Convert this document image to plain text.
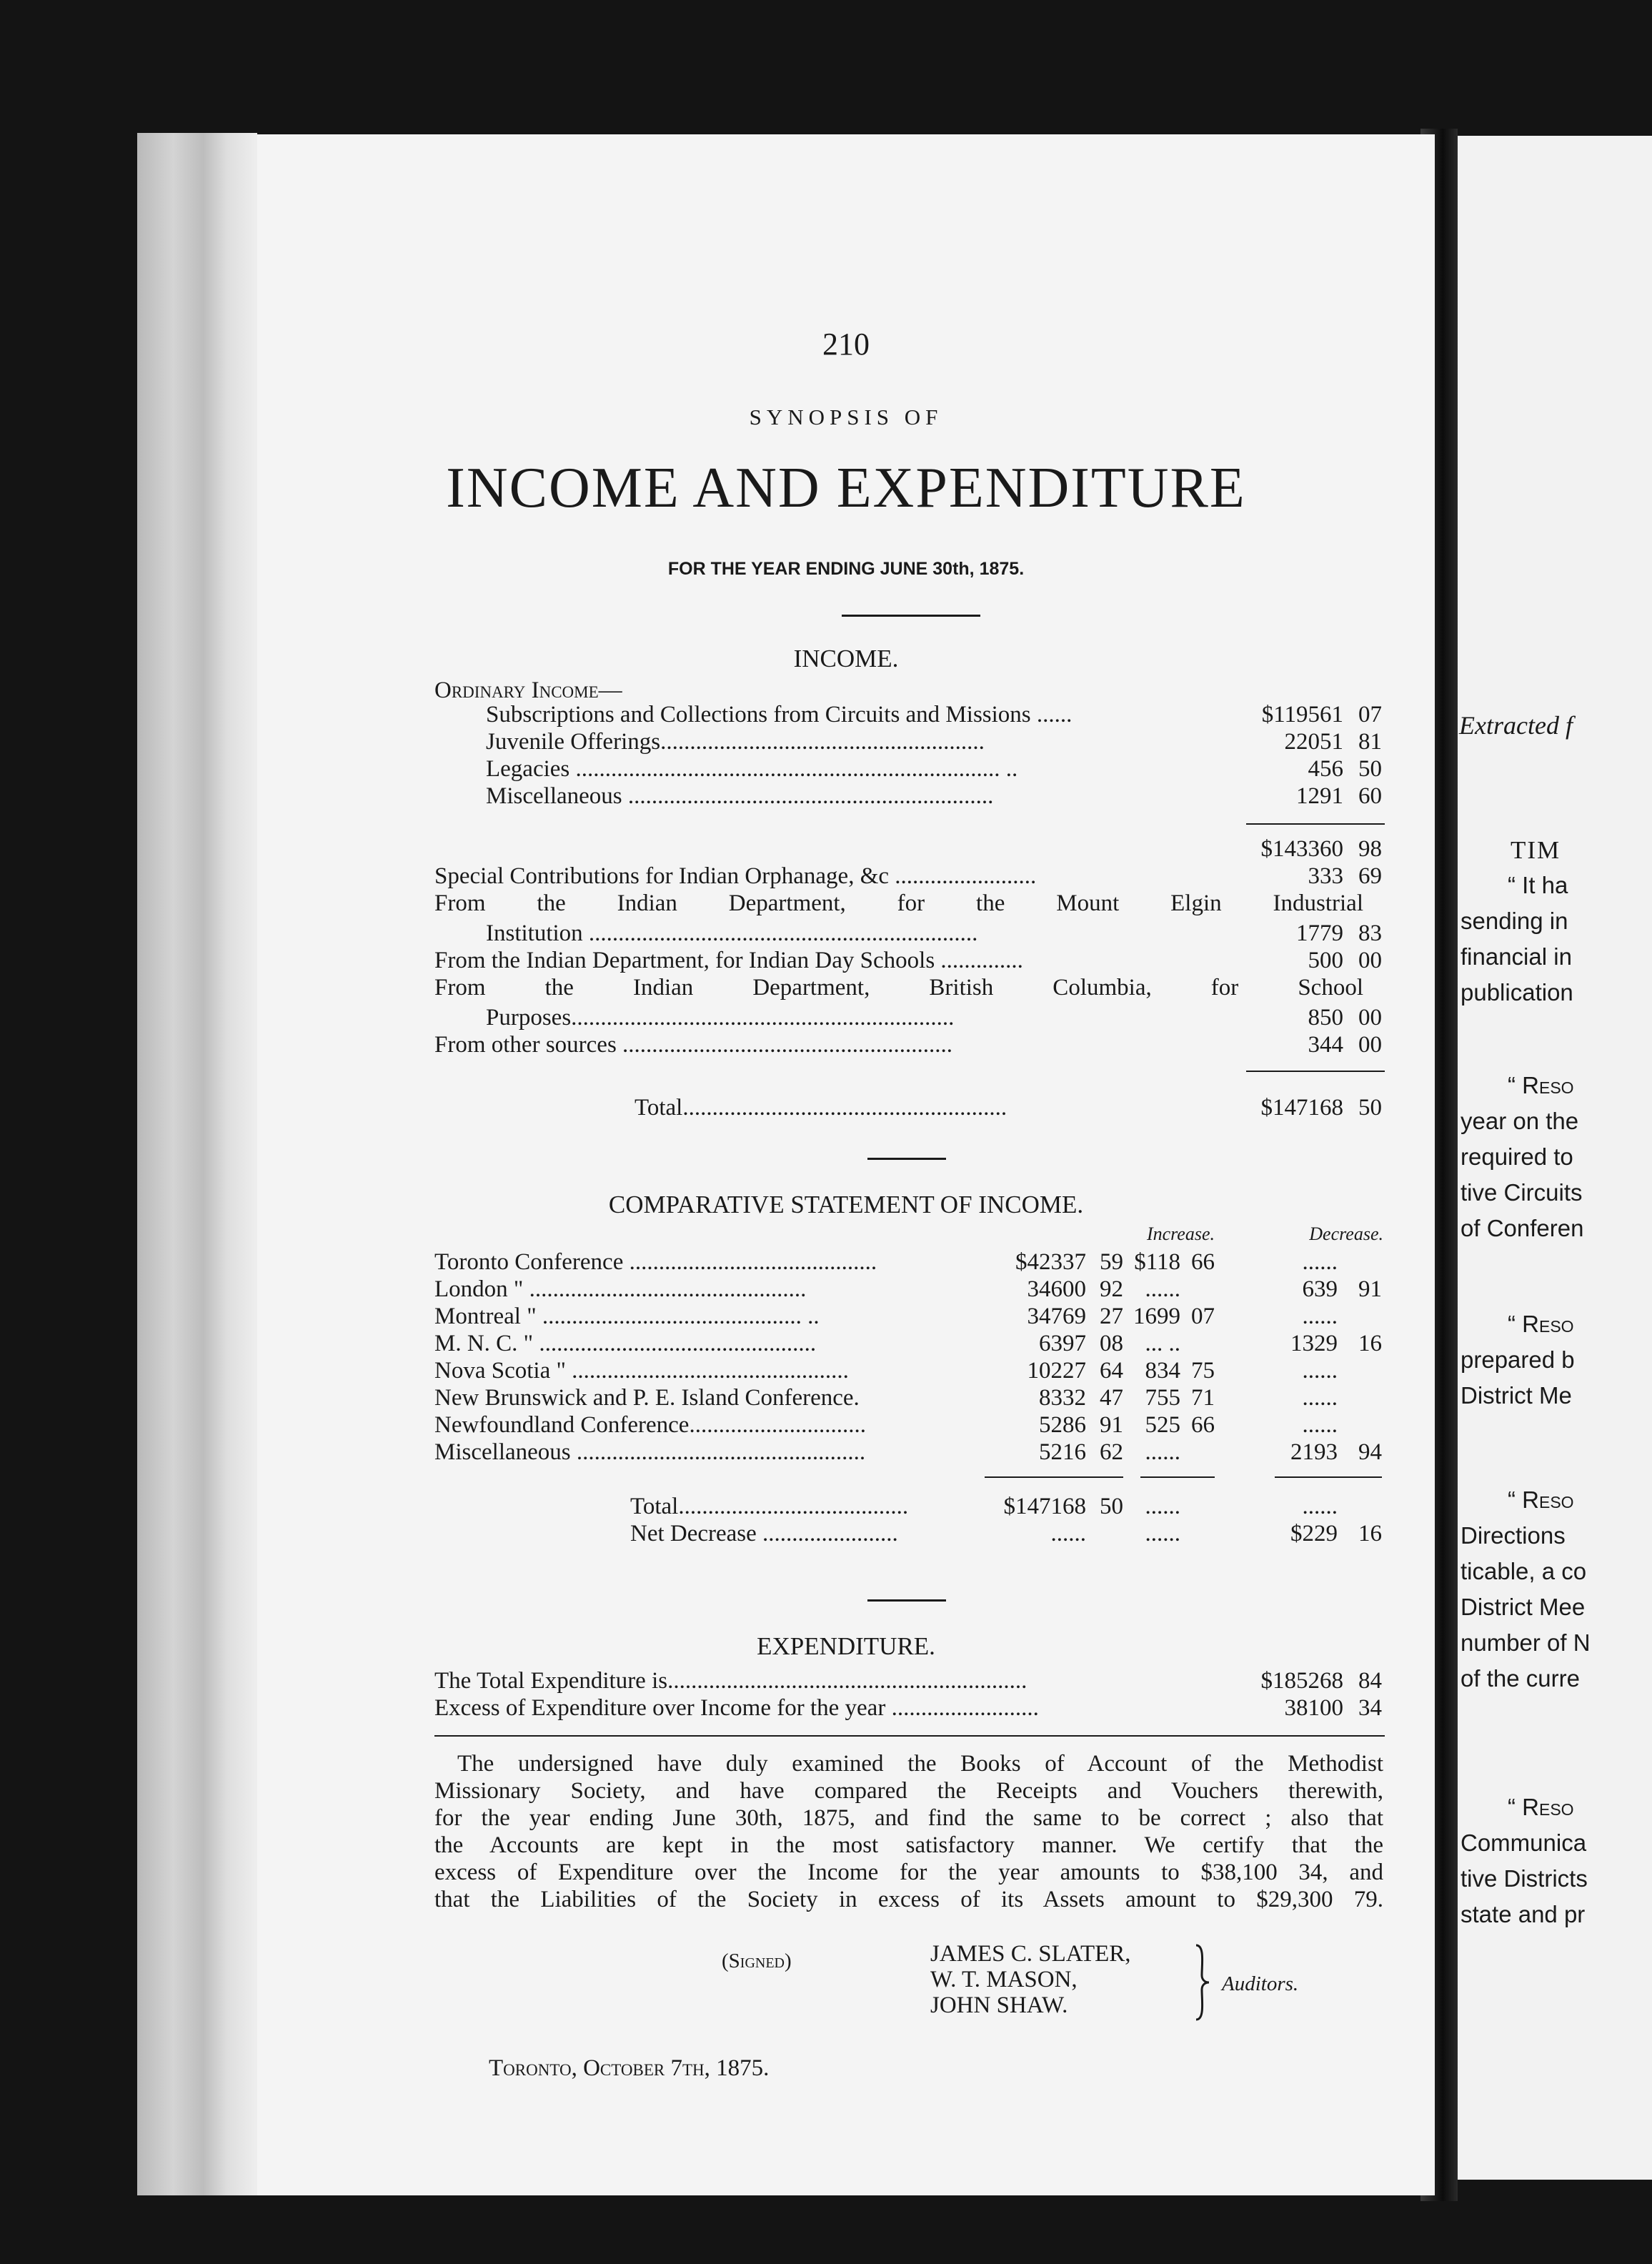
210
SYNOPSIS OF
INCOME AND EXPENDITURE
FOR THE YEAR ENDING JUNE 30th, 1875.
INCOME.
Ordinary Income—
Subscriptions and Collections from Circuits and Missions ......	$119561 07
Juvenile Offerings.......................................................	22051 81
Legacies ........................................................................ ..	456 50
Miscellaneous ..............................................................	1291 60
$143360 98
Special Contributions for Indian Orphanage, &c ........................	333 69
From the Indian Department, for the Mount Elgin Industrial
Institution ..................................................................	1779 83
From the Indian Department, for Indian Day Schools ..............	500 00
From the Indian Department, British Columbia, for School
Purposes.................................................................	850 00
From other sources ........................................................	344 00
Total.......................................................	$147168 50
COMPARATIVE STATEMENT OF INCOME.
Increase.	Decrease.
Toronto Conference ..........................................	$42337 59 $118 66	......
London " ...............................................	34600 92 ......	639 91
Montreal " ............................................ ..	34769 27 1699 07	......
M. N. C. " ...............................................	6397 08 ... ..	1329 16
Nova Scotia " ...............................................	10227 64 834 75	......
New Brunswick and P. E. Island Conference.	8332 47 755 71	......
Newfoundland Conference..............................	5286 91 525 66	......
Miscellaneous .................................................	5216 62 ......	2193 94
Total.......................................	$147168 50 ......	......
Net Decrease .......................	......	......	$229 16
EXPENDITURE.
The Total Expenditure is.............................................................	$185268 84
Excess of Expenditure over Income for the year .........................	38100 34
The undersigned have duly examined the Books of Account of the Methodist
Missionary Society, and have compared the Receipts and Vouchers therewith,
for the year ending June 30th, 1875, and find the same to be correct ; also that
the Accounts are kept in the most satisfactory manner. We certify that the
excess of Expenditure over the Income for the year amounts to $38,100 34, and
that the Liabilities of the Society in excess of its Assets amount to $29,300 79.
(Signed)	JAMES C. SLATER,
W. T. MASON,
JOHN SHAW.
Auditors.
Toronto, October 7th, 1875.
Extracted f
TIM
“ It ha
sending in
financial in
publication
“ Reso
year on the
required to
tive Circuits
of Conferen
“ Reso
prepared b
District Me
“ Reso
Directions
ticable, a co
District Mee
number of N
of the curre
“ Reso
Communica
tive Districts
state and pr
